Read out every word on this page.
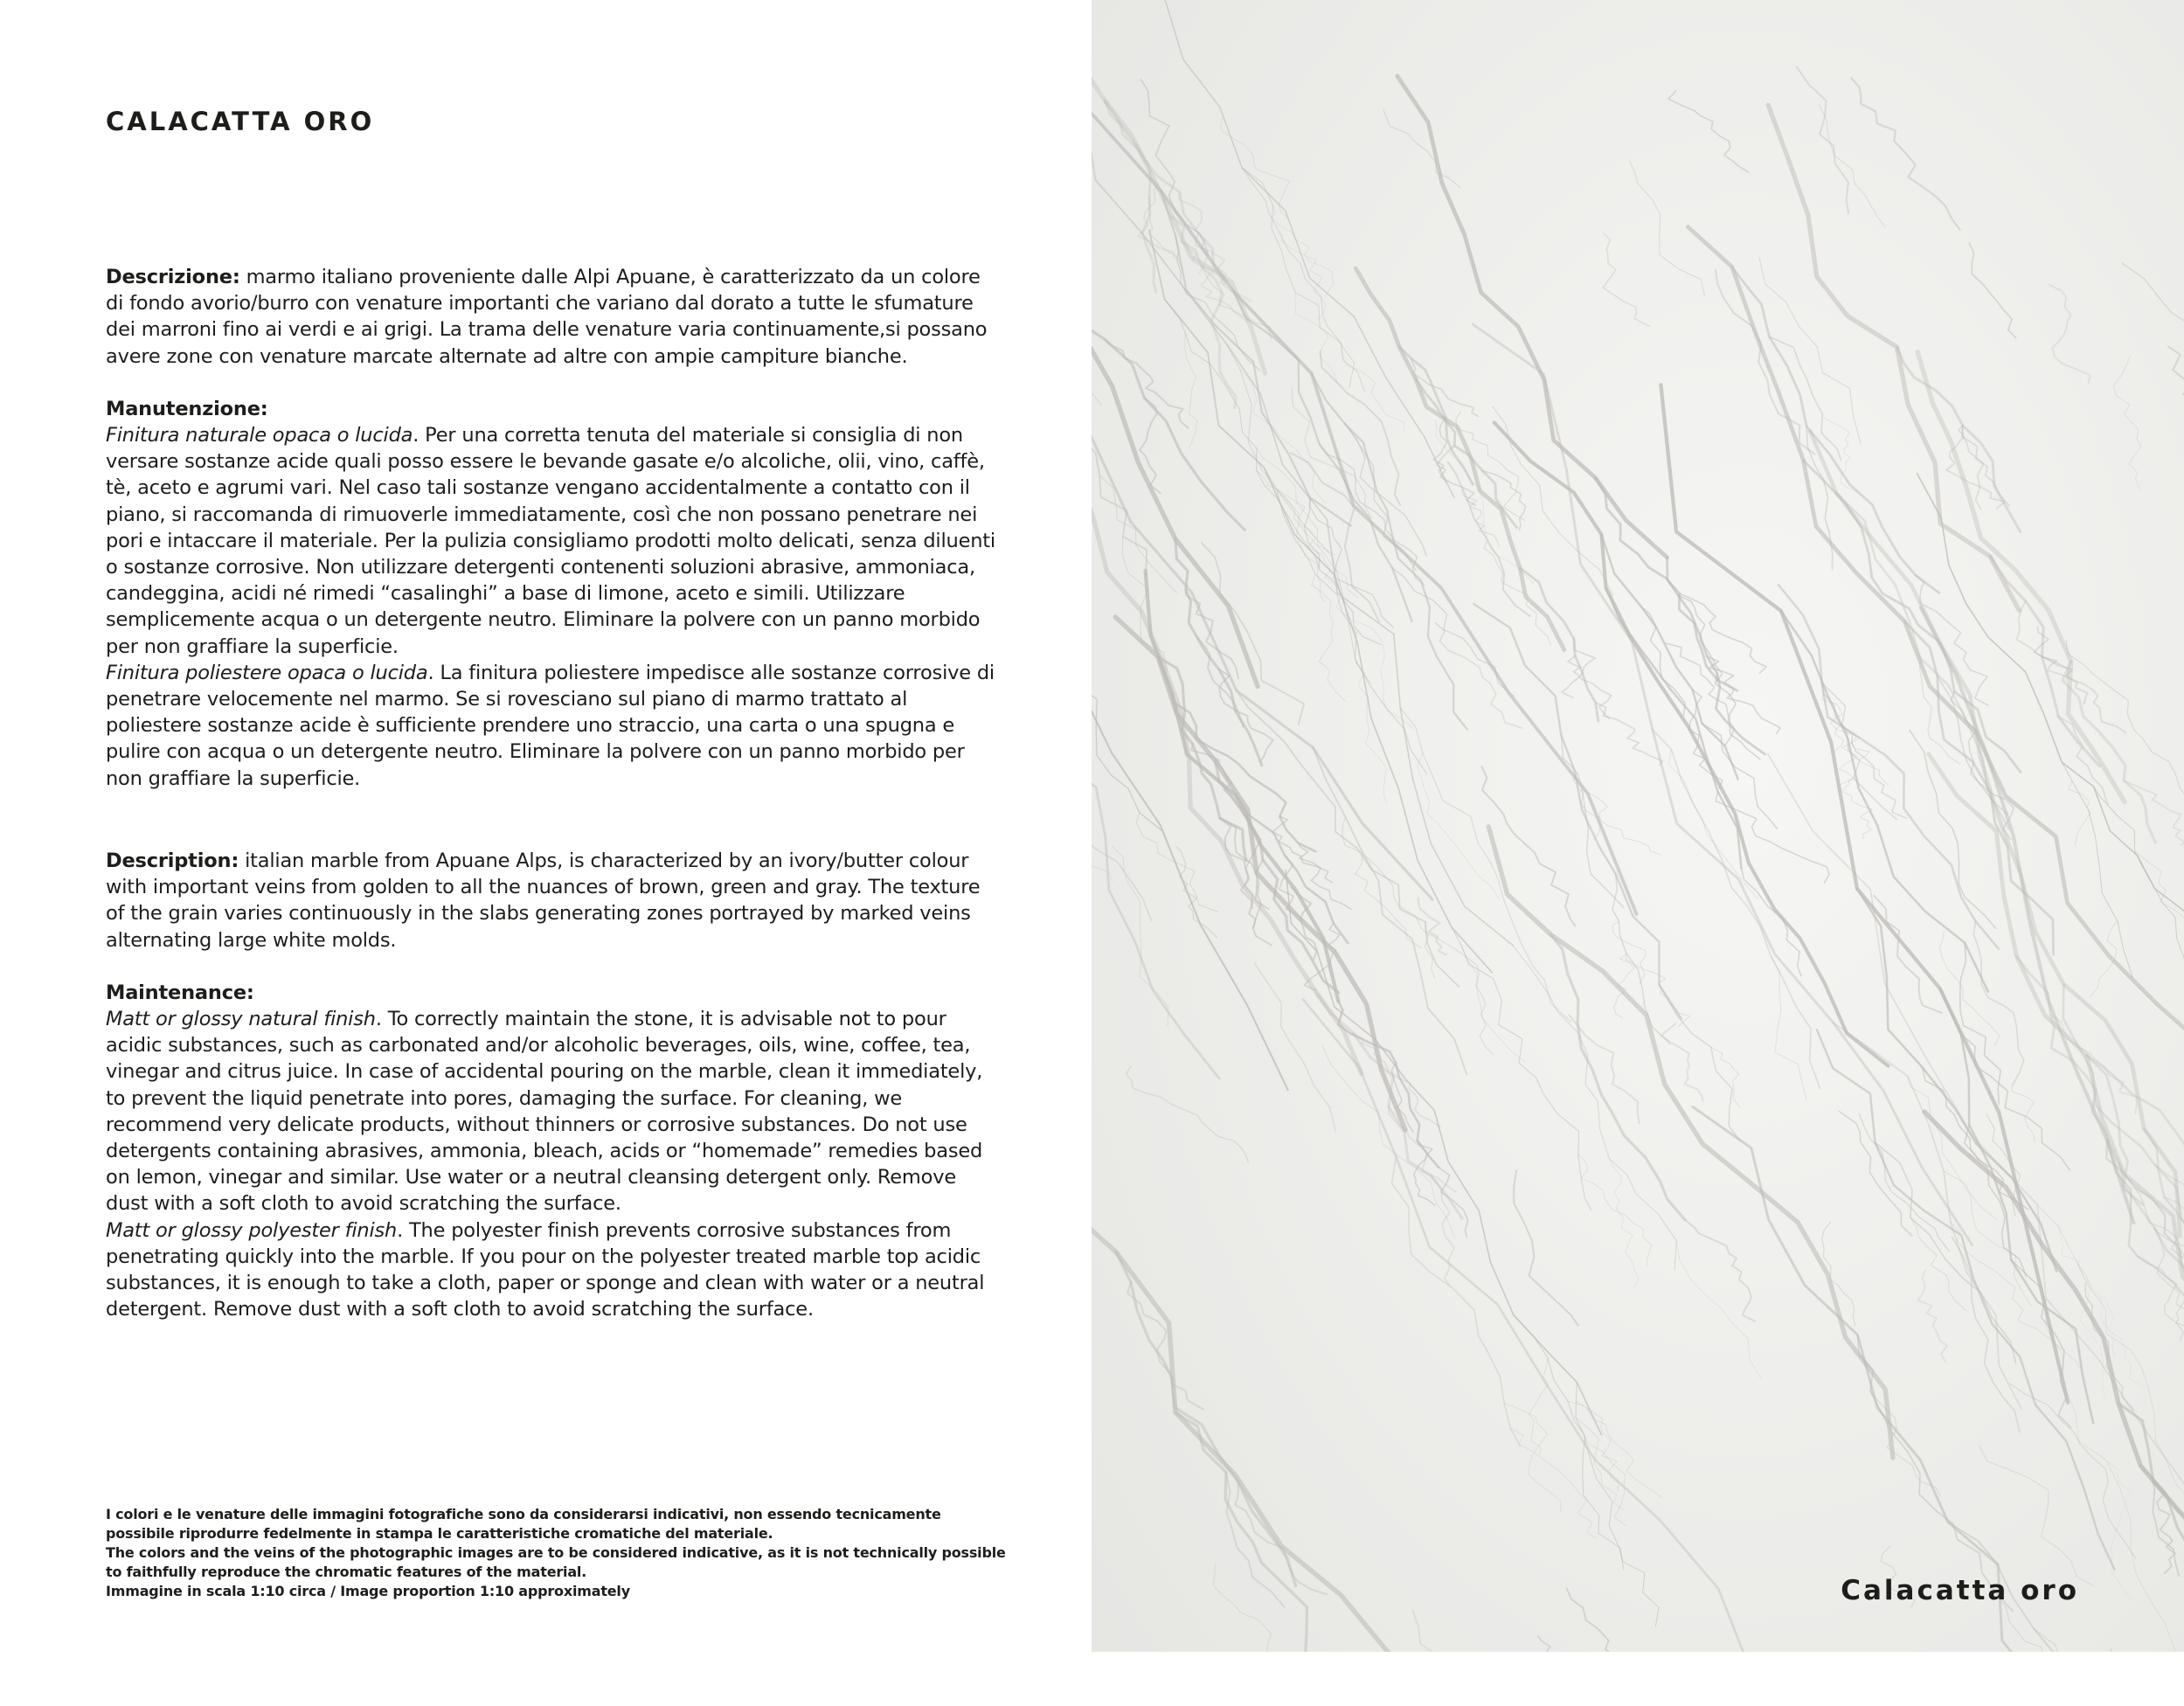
CALACATTA ORO

Descrizione: marmo italiano proveniente dalle Alpi Apuane, è caratterizzato da un colore di fondo avorio/burro con venature importanti che variano dal dorato a tutte le sfumature dei marroni fino ai verdi e ai grigi. La trama delle venature varia continuamente,si possano avere zone con venature marcate alternate ad altre con ampie campiture bianche.

Manutenzione:

Finitura naturale opaca o lucida. Per una corretta tenuta del materiale si consiglia di non versare sostanze acide quali posso essere le bevande gasate e/o alcoliche, olii, vino, caffè, tè, aceto e agrumi vari. Nel caso tali sostanze vengano accidentalmente a contatto con il piano, si raccomanda di rimuoverle immediatamente, così che non possano penetrare nei pori e intaccare il materiale. Per la pulizia consigliamo prodotti molto delicati, senza diluenti o sostanze corrosive. Non utilizzare detergenti contenenti soluzioni abrasive, ammoniaca, candeggina, acidi né rimedi “casalinghi” a base di limone, aceto e simili. Utilizzare semplicemente acqua o un detergente neutro. Eliminare la polvere con un panno morbido per non graffiare la superficie.

Finitura poliestere opaca o lucida. La finitura poliestere impedisce alle sostanze corrosive di penetrare velocemente nel marmo. Se si rovesciano sul piano di marmo trattato al poliestere sostanze acide è sufficiente prendere uno straccio, una carta o una spugna e pulire con acqua o un detergente neutro. Eliminare la polvere con un panno morbido per non graffiare la superficie.

Description: italian marble from Apuane Alps, is characterized by an ivory/butter colour with important veins from golden to all the nuances of brown, green and gray. The texture of the grain varies continuously in the slabs generating zones portrayed by marked veins alternating large white molds.

Maintenance:

Matt or glossy natural finish. To correctly maintain the stone, it is advisable not to pour acidic substances, such as carbonated and/or alcoholic beverages, oils, wine, coffee, tea, vinegar and citrus juice. In case of accidental pouring on the marble, clean it immediately, to prevent the liquid penetrate into pores, damaging the surface. For cleaning, we recommend very delicate products, without thinners or corrosive substances. Do not use detergents containing abrasives, ammonia, bleach, acids or “homemade” remedies based on lemon, vinegar and similar. Use water or a neutral cleansing detergent only. Remove dust with a soft cloth to avoid scratching the surface.

Matt or glossy polyester finish. The polyester finish prevents corrosive substances from penetrating quickly into the marble. If you pour on the polyester treated marble top acidic substances, it is enough to take a cloth, paper or sponge and clean with water or a neutral detergent. Remove dust with a soft cloth to avoid scratching the surface.

I colori e le venature delle immagini fotografiche sono da considerarsi indicativi, non essendo tecnicamente possibile riprodurre fedelmente in stampa le caratteristiche cromatiche del materiale.

The colors and the veins of the photographic images are to be considered indicative, as it is not technically possible to faithfully reproduce the chromatic features of the material.

Immagine in scala 1:10 circa / Image proportion 1:10 approximately	Calacatta oro
